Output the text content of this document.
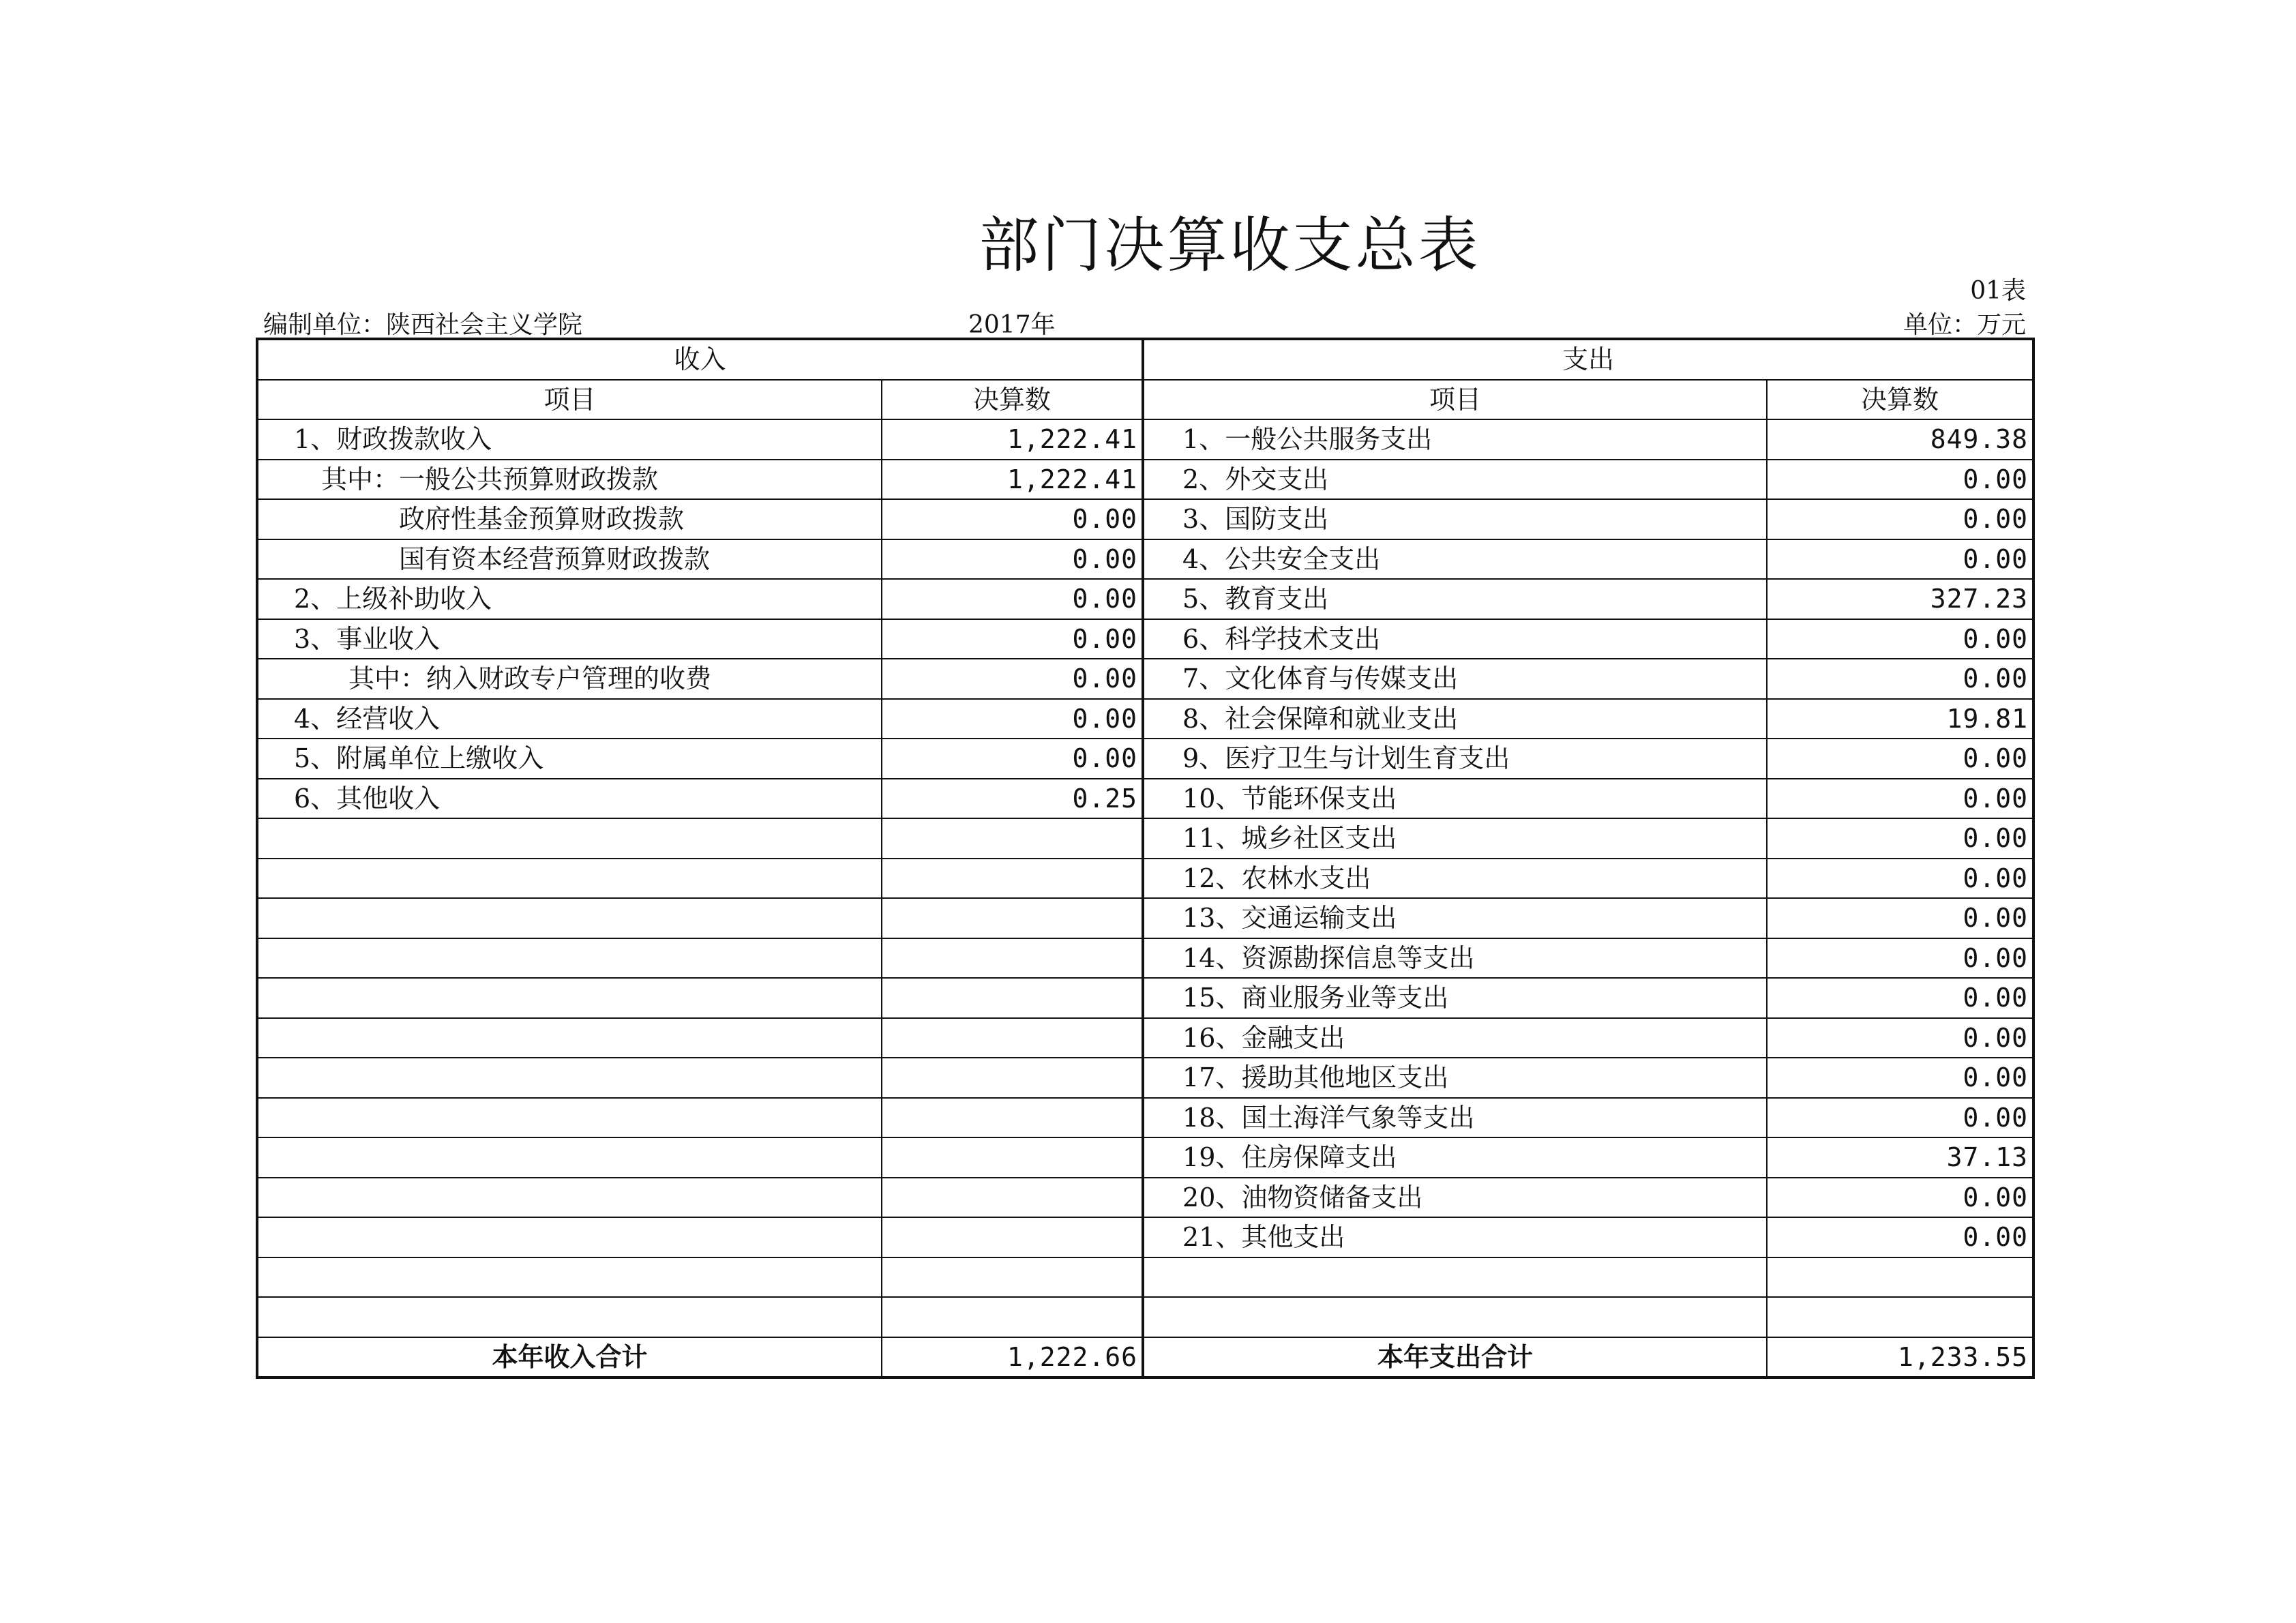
部门决算收支总表
01表
编制单位：陕西社会主义学院	2017年	单位：万元
收入		支出	
项目	决算数	项目	决算数
1、财政拨款收入	1,222.41	1、一般公共服务支出	849.38
其中：一般公共预算财政拨款	1,222.41	2、外交支出	0.00
政府性基金预算财政拨款	0.00	3、国防支出	0.00
国有资本经营预算财政拨款	0.00	4、公共安全支出	0.00
2、上级补助收入	0.00	5、教育支出	327.23
3、事业收入	0.00	6、科学技术支出	0.00
其中：纳入财政专户管理的收费	0.00	7、文化体育与传媒支出	0.00
4、经营收入	0.00	8、社会保障和就业支出	19.81
5、附属单位上缴收入	0.00	9、医疗卫生与计划生育支出	0.00
6、其他收入	0.25	10、节能环保支出	0.00
		11、城乡社区支出	0.00
		12、农林水支出	0.00
		13、交通运输支出	0.00
		14、资源勘探信息等支出	0.00
		15、商业服务业等支出	0.00
		16、金融支出	0.00
		17、援助其他地区支出	0.00
		18、国土海洋气象等支出	0.00
		19、住房保障支出	37.13
		20、油物资储备支出	0.00
		21、其他支出	0.00

本年收入合计	1,222.66	本年支出合计	1,233.55
